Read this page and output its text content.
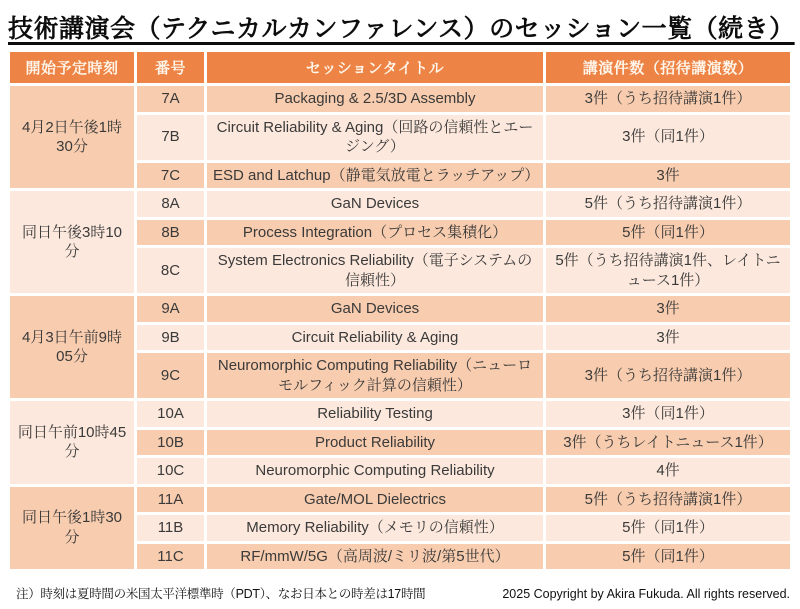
技術講演会（テクニカルカンファレンス）のセッション一覧（続き）
開始予定時刻	番号	セッションタイトル	講演件数（招待講演数）
4月2日午後1時30分	7A	Packaging & 2.5/3D Assembly	3件（うち招待講演1件）
	7B	Circuit Reliability & Aging（回路の信頼性とエージング）	3件（同1件）
	7C	ESD and Latchup（静電気放電とラッチアップ）	3件
同日午後3時10分	8A	GaN Devices	5件（うち招待講演1件）
	8B	Process Integration（プロセス集積化）	5件（同1件）
	8C	System Electronics Reliability（電子システムの信頼性）	5件（うち招待講演1件、レイトニュース1件）
4月3日午前9時05分	9A	GaN Devices	3件
	9B	Circuit Reliability & Aging	3件
	9C	Neuromorphic Computing Reliability（ニューロモルフィック計算の信頼性）	3件（うち招待講演1件）
同日午前10時45分	10A	Reliability Testing	3件（同1件）
	10B	Product Reliability	3件（うちレイトニュース1件）
	10C	Neuromorphic Computing Reliability	4件
同日午後1時30分	11A	Gate/MOL Dielectrics	5件（うち招待講演1件）
	11B	Memory Reliability（メモリの信頼性）	5件（同1件）
	11C	RF/mmW/5G（高周波/ミリ波/第5世代）	5件（同1件）
注）時刻は夏時間の米国太平洋標準時（PDT）、なお日本との時差は17時間	2025 Copyright by Akira Fukuda. All rights reserved.
